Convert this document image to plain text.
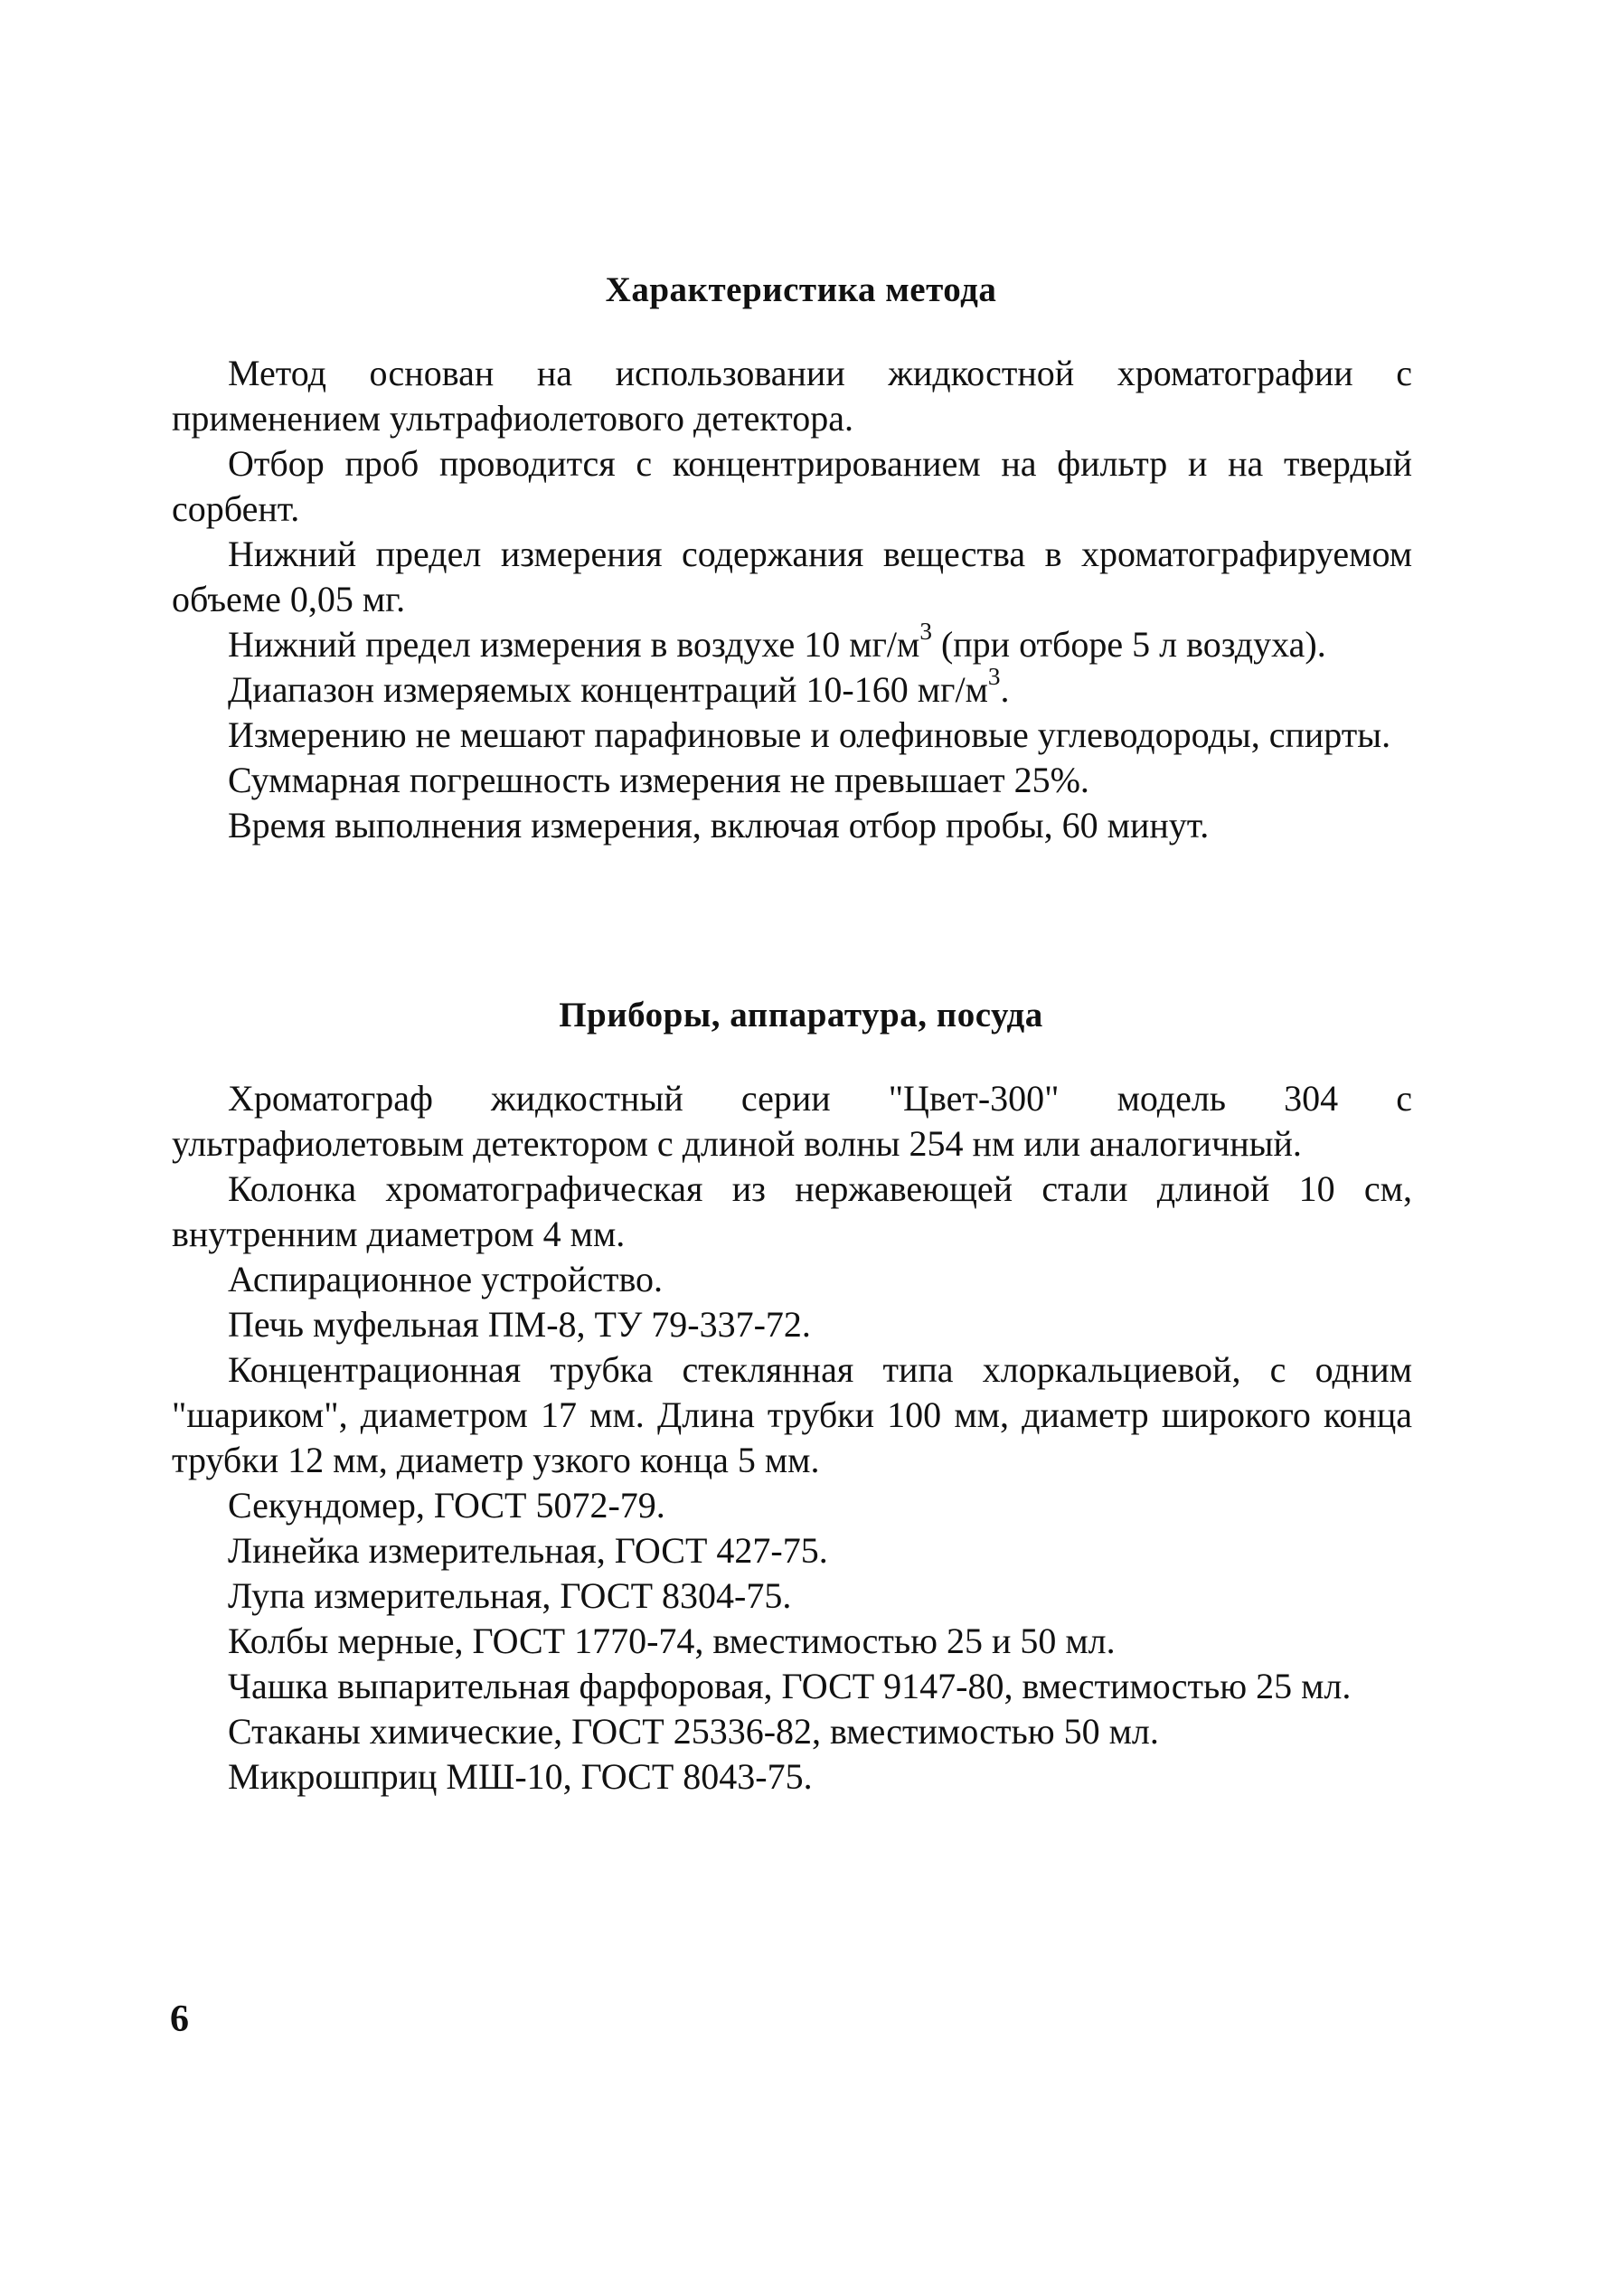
Характеристика метода

Метод основан на использовании жидкостной хроматографии с применением ультрафиолетового детектора.

Отбор проб проводится с концентрированием на фильтр и на твердый сорбент.

Нижний предел измерения содержания вещества в хроматографируемом объеме 0,05 мг.

Нижний предел измерения в воздухе 10 $мг/м^3$ (при отборе 5 л воздуха).

Диапазон измеряемых концентраций 10-160 $мг/м^3$.

Измерению не мешают парафиновые и олефиновые углеводороды, спирты.

Суммарная погрешность измерения не превышает 25%.

Время выполнения измерения, включая отбор пробы, 60 минут.

Приборы, аппаратура, посуда

Хроматограф жидкостный серии "Цвет-300" модель 304 с ультрафиолетовым детектором с длиной волны 254 нм или аналогичный.

Колонка хроматографическая из нержавеющей стали длиной 10 см, внутренним диаметром 4 мм.

Аспирационное устройство.

Печь муфельная ПМ-8, ТУ 79-337-72.

Концентрационная трубка стеклянная типа хлоркальциевой, с одним "шариком", диаметром 17 мм. Длина трубки 100 мм, диаметр широкого конца трубки 12 мм, диаметр узкого конца 5 мм.

Секундомер, ГОСТ 5072-79.

Линейка измерительная, ГОСТ 427-75.

Лупа измерительная, ГОСТ 8304-75.

Колбы мерные, ГОСТ 1770-74, вместимостью 25 и 50 мл.

Чашка выпарительная фарфоровая, ГОСТ 9147-80, вместимостью 25 мл.

Стаканы химические, ГОСТ 25336-82, вместимостью 50 мл.

Микрошприц МШ-10, ГОСТ 8043-75.

6
